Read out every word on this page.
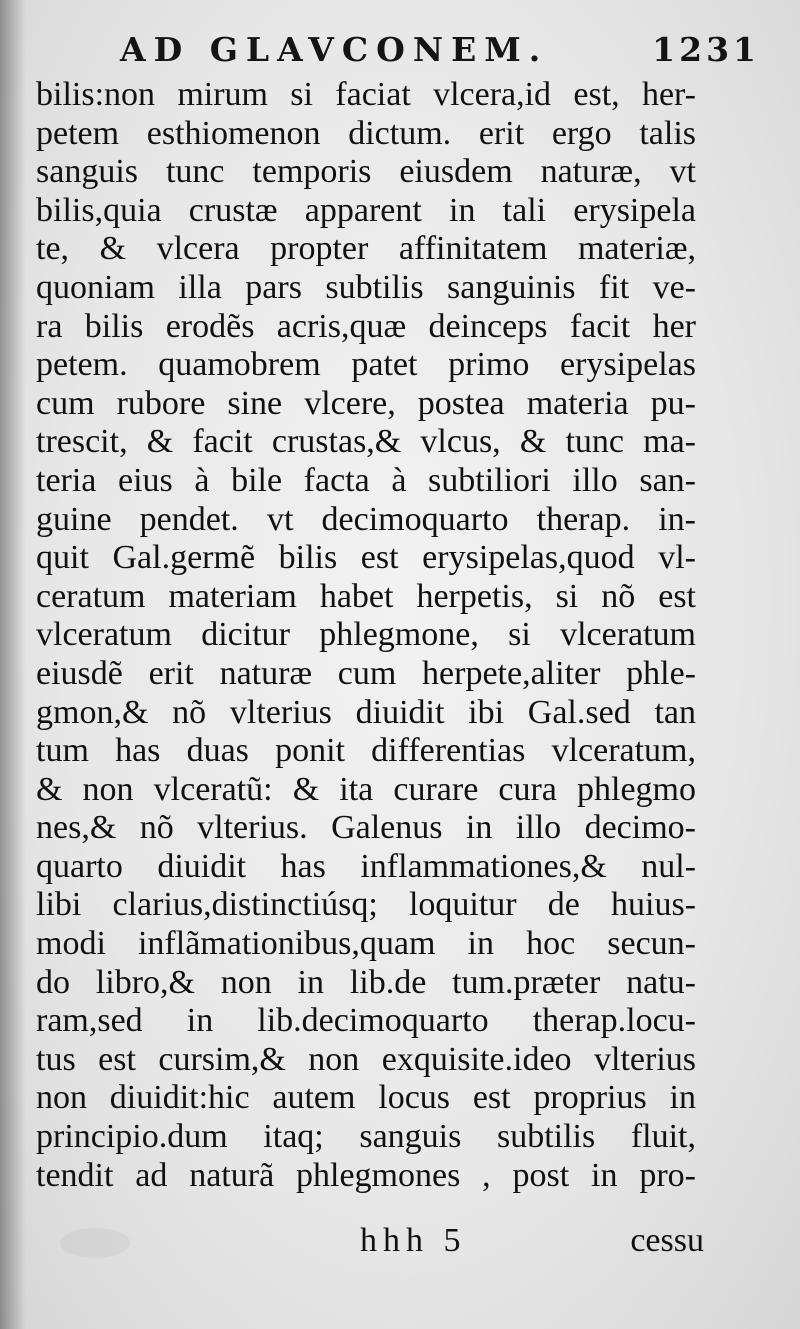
AD GLAVCONEM.	1231
bilis:non mirum si faciat vlcera,id est, her-
petem esthiomenon dictum. erit ergo talis
sanguis tunc temporis eiusdem naturæ, vt
bilis,quia crustæ apparent in tali erysipela
te, & vlcera propter affinitatem materiæ,
quoniam illa pars subtilis sanguinis fit ve-
ra bilis erodẽs acris,quæ deinceps facit her
petem. quamobrem patet primo erysipelas
cum rubore sine vlcere, postea materia pu-
trescit, & facit crustas,& vlcus, & tunc ma-
teria eius à bile facta à subtiliori illo san-
guine pendet. vt decimoquarto therap. in-
quit Gal.germẽ bilis est erysipelas,quod vl-
ceratum materiam habet herpetis, si nõ est
vlceratum dicitur phlegmone, si vlceratum
eiusdẽ erit naturæ cum herpete,aliter phle-
gmon,& nõ vlterius diuidit ibi Gal.sed tan
tum has duas ponit differentias vlceratum,
& non vlceratũ: & ita curare cura phlegmo
nes,& nõ vlterius. Galenus in illo decimo-
quarto diuidit has inflammationes,& nul-
libi clarius,distinctiúsq; loquitur de huius-
modi inflãmationibus,quam in hoc secun-
do libro,& non in lib.de tum.præter natu-
ram,sed in lib.decimoquarto therap.locu-
tus est cursim,& non exquisite.ideo vlterius
non diuidit:hic autem locus est proprius in
principio.dum itaq; sanguis subtilis fluit,
tendit ad naturã phlegmones , post in pro-
hhh 5	cessu
